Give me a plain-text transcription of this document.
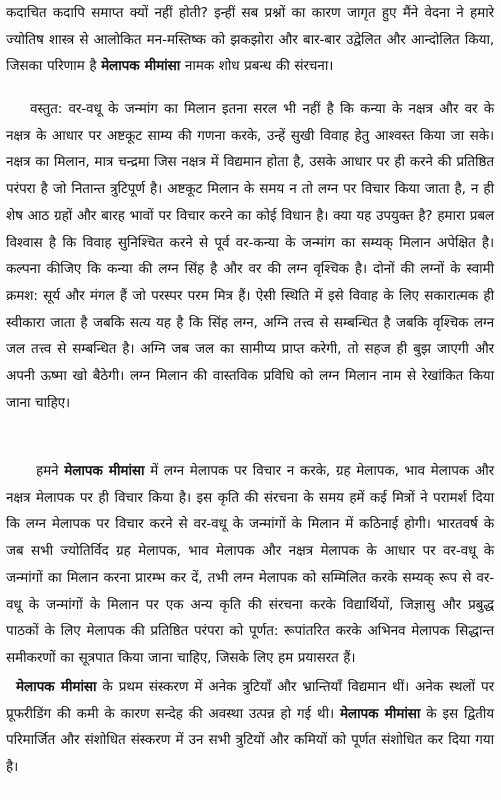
कदाचित कदापि समाप्त क्यों नहीं होती? इन्हीं सब प्रश्नों का कारण जागृत हुए मैंने वेदना ने हमारे ज्योतिष शास्त्र से आलोकित मन-मस्तिष्क को झकझोरा और बार-बार उद्वेलित और आन्दोलित किया, जिसका परिणाम है मेलापक मीमांसा नामक शोध प्रबन्ध की संरचना।

वस्तुत: वर-वधू के जन्मांग का मिलान इतना सरल भी नहीं है कि कन्या के नक्षत्र और वर के नक्षत्र के आधार पर अष्टकूट साम्य की गणना करके, उन्हें सुखी विवाह हेतु आश्वस्त किया जा सके। नक्षत्र का मिलान, मात्र चन्द्रमा जिस नक्षत्र में विद्यमान होता है, उसके आधार पर ही करने की प्रतिष्ठित परंपरा है जो नितान्त त्रुटिपूर्ण है। अष्टकूट मिलान के समय न तो लग्न पर विचार किया जाता है, न ही शेष आठ ग्रहों और बारह भावों पर विचार करने का कोई विधान है। क्या यह उपयुक्त है? हमारा प्रबल विश्वास है कि विवाह सुनिश्चित करने से पूर्व वर-कन्या के जन्मांग का सम्यक् मिलान अपेक्षित है। कल्पना कीजिए कि कन्या की लग्न सिंह है और वर की लग्न वृश्चिक है। दोनों की लग्नों के स्वामी क्रमश: सूर्य और मंगल हैं जो परस्पर परम मित्र हैं। ऐसी स्थिति में इसे विवाह के लिए सकारात्मक ही स्वीकारा जाता है जबकि सत्य यह है कि सिंह लग्न, अग्नि तत्त्व से सम्बन्धित है जबकि वृश्चिक लग्न जल तत्त्व से सम्बन्धित है। अग्नि जब जल का सामीप्य प्राप्त करेगी, तो सहज ही बुझ जाएगी और अपनी ऊष्मा खो बैठेगी। लग्न मिलान की वास्तविक प्रविधि को लग्न मिलान नाम से रेखांकित किया जाना चाहिए।

हमने मेलापक मीमांसा में लग्न मेलापक पर विचार न करके, ग्रह मेलापक, भाव मेलापक और नक्षत्र मेलापक पर ही विचार किया है। इस कृति की संरचना के समय हमें कई मित्रों ने परामर्श दिया कि लग्न मेलापक पर विचार करने से वर-वधू के जन्मांगों के मिलान में कठिनाई होगी। भारतवर्ष के जब सभी ज्योतिर्विद ग्रह मेलापक, भाव मेलापक और नक्षत्र मेलापक के आधार पर वर-वधू के जन्मांगों का मिलान करना प्रारम्भ कर दें, तभी लग्न मेलापक को सम्मिलित करके सम्यक् रूप से वर-वधू के जन्मांगों के मिलान पर एक अन्य कृति की संरचना करके विद्यार्थियों, जिज्ञासु और प्रबुद्ध पाठकों के लिए मेलापक की प्रतिष्ठित परंपरा को पूर्णत: रूपांतरित करके अभिनव मेलापक सिद्धान्त समीकरणों का सूत्रपात किया जाना चाहिए, जिसके लिए हम प्रयासरत हैं।

मेलापक मीमांसा के प्रथम संस्करण में अनेक त्रुटियाँ और भ्रान्तियाँ विद्यमान थीं। अनेक स्थलों पर प्रूफरीडिंग की कमी के कारण सन्देह की अवस्था उत्पन्न हो गई थी। मेलापक मीमांसा के इस द्वितीय परिमार्जित और संशोधित संस्करण में उन सभी त्रुटियों और कमियों को पूर्णत संशोधित कर दिया गया है।
